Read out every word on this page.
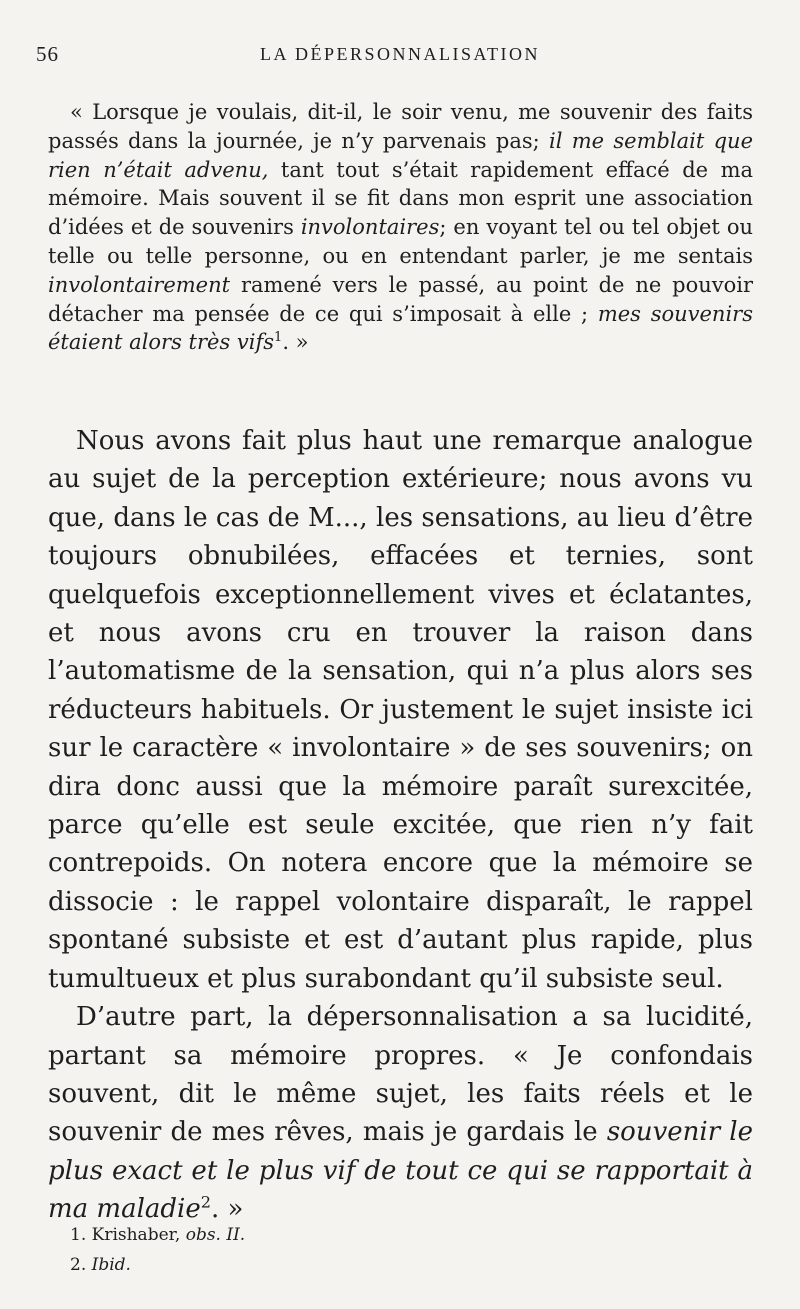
56	LA DÉPERSONNALISATION

« Lorsque je voulais, dit-il, le soir venu, me souvenir des faits passés dans la journée, je n’y parvenais pas; il me semblait que rien n’était advenu, tant tout s’était rapidement effacé de ma mémoire. Mais souvent il se fit dans mon esprit une association d’idées et de souvenirs involontaires; en voyant tel ou tel objet ou telle ou telle personne, ou en entendant parler, je me sentais involontairement ramené vers le passé, au point de ne pouvoir détacher ma pensée de ce qui s’imposait à elle ; mes souvenirs étaient alors très vifs$^1$. »

Nous avons fait plus haut une remarque analogue au sujet de la perception extérieure; nous avons vu que, dans le cas de M..., les sensations, au lieu d’être toujours obnubilées, effacées et ternies, sont quelquefois exceptionnellement vives et éclatantes, et nous avons cru en trouver la raison dans l’automatisme de la sensation, qui n’a plus alors ses réducteurs habituels. Or justement le sujet insiste ici sur le caractère « involontaire » de ses souvenirs; on dira donc aussi que la mémoire paraît surexcitée, parce qu’elle est seule excitée, que rien n’y fait contrepoids. On notera encore que la mémoire se dissocie : le rappel volontaire disparaît, le rappel spontané subsiste et est d’autant plus rapide, plus tumultueux et plus surabondant qu’il subsiste seul.

D’autre part, la dépersonnalisation a sa lucidité, partant sa mémoire propres. « Je confondais souvent, dit le même sujet, les faits réels et le souvenir de mes rêves, mais je gardais le souvenir le plus exact et le plus vif de tout ce qui se rapportait à ma maladie$^2$. »

1. Krishaber, obs. II.
2. Ibid.
